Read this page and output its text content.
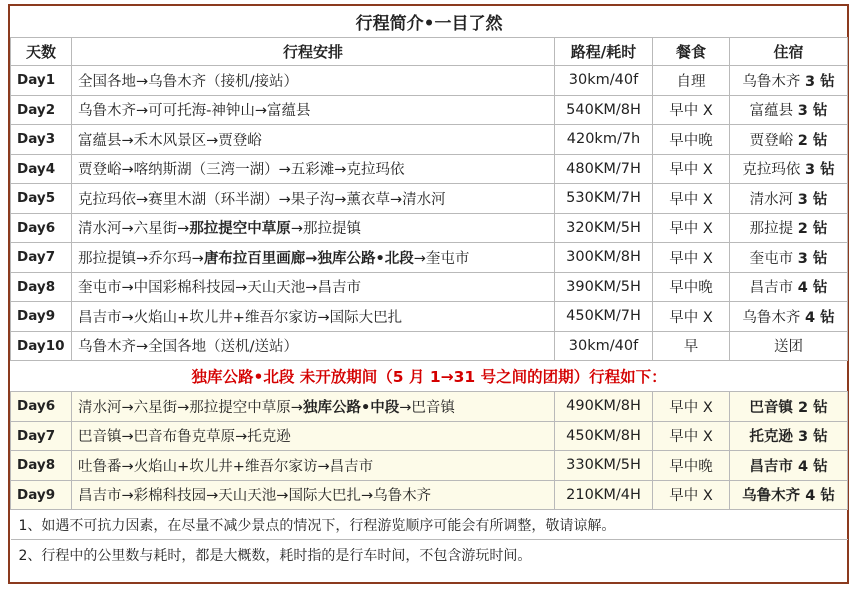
行程简介•一目了然				
天数	行程安排	路程/耗时	餐食	住宿
Day1	全国各地→乌鲁木齐（接机/接站）	30km/40f	自理	乌鲁木齐 3 钻
Day2	乌鲁木齐→可可托海-神钟山→富蕴县	540KM/8H	早中 X	富蕴县 3 钻
Day3	富蕴县→禾木风景区→贾登峪	420km/7h	早中晚	贾登峪 2 钻
Day4	贾登峪→喀纳斯湖（三湾一湖）→五彩滩→克拉玛依	480KM/7H	早中 X	克拉玛依 3 钻
Day5	克拉玛依→赛里木湖（环半湖）→果子沟→薰衣草→清水河	530KM/7H	早中 X	清水河 3 钻
Day6	清水河→六星街→那拉提空中草原→那拉提镇	320KM/5H	早中 X	那拉提 2 钻
Day7	那拉提镇→乔尔玛→唐布拉百里画廊→独库公路•北段→奎屯市	300KM/8H	早中 X	奎屯市 3 钻
Day8	奎屯市→中国彩棉科技园→天山天池→昌吉市	390KM/5H	早中晚	昌吉市 4 钻
Day9	昌吉市→火焰山+坎儿井+维吾尔家访→国际大巴扎	450KM/7H	早中 X	乌鲁木齐 4 钻
Day10	乌鲁木齐→全国各地（送机/送站）	30km/40f	早	送团
独库公路•北段 未开放期间（5 月 1→31 号之间的团期）行程如下：				
Day6	清水河→六星街→那拉提空中草原→独库公路•中段→巴音镇	490KM/8H	早中 X	巴音镇 2 钻
Day7	巴音镇→巴音布鲁克草原→托克逊	450KM/8H	早中 X	托克逊 3 钻
Day8	吐鲁番→火焰山+坎儿井+维吾尔家访→昌吉市	330KM/5H	早中晚	昌吉市 4 钻
Day9	昌吉市→彩棉科技园→天山天池→国际大巴扎→乌鲁木齐	210KM/4H	早中 X	乌鲁木齐 4 钻
1、如遇不可抗力因素，在尽量不减少景点的情况下，行程游览顺序可能会有所调整，敬请谅解。				
2、行程中的公里数与耗时，都是大概数，耗时指的是行车时间，不包含游玩时间。				
